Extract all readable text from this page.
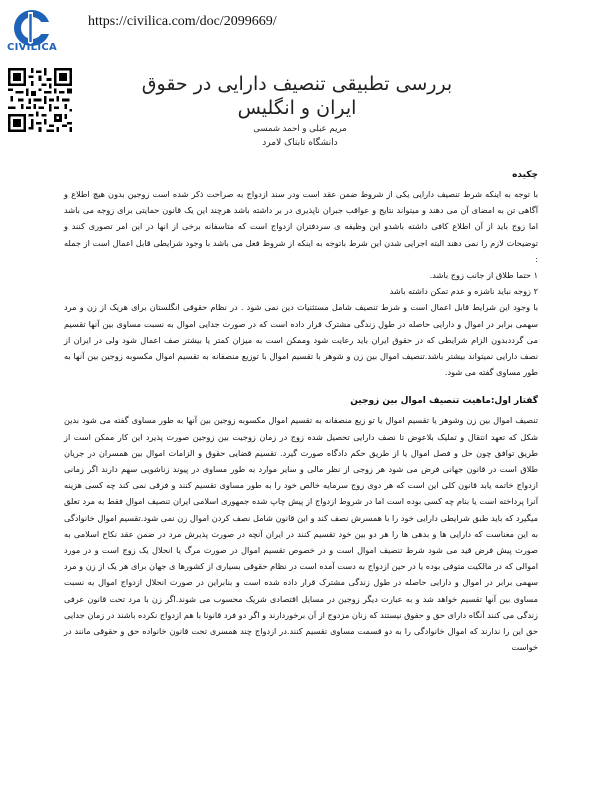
CIVILICA
https://civilica.com/doc/2099669/
بررسی تطبیقی تنصیف دارایی در حقوق
ایران و انگلیس
مریم عبلی و احمد شمسی
دانشگاه تابناک لامرد
چکیده

با توجه به اینکه شرط تنصیف دارایی یکی از شروط ضمن عقد است ودر سند ازدواج به صراحت ذکر شده است زوجین بدون هیچ اطلاع و آگاهی تن به امضای آن می دهند و میتواند نتایج و عواقب جبران ناپذیری در بر داشته باشد هرچند این یک قانون حمایتی برای زوجه می باشد اما زوج باید از آن اطلاع کافی داشته باشدو این وظیفه ی سردفتران ازدواج است که متاسفانه برخی از انها در این امر تصوری کنند و توضیحات لازم را نمی دهند البته اجرایی شدن این شرط باتوجه به اینکه از شروط فعل می باشد با وجود شرایطی قابل اعمال است از جمله :

۱ حتما طلاق از جانب زوج باشد.

۲ زوجه نباید ناشزه و عدم تمکن داشته باشد

با وجود این شرایط قابل اعمال است و شرط تنصیف شامل مستثنیات دین نمی شود . در نظام حقوقی انگلستان برای هریک از زن و مرد سهمی برابر در اموال و دارایی حاصله در طول زندگی مشترک قرار داده است که در صورت جدایی اموال به نسبت مساوی بین آنها تقسیم می گرددبدون الزام شرایطی که در حقوق ایران باید رعایت شود وممکن است به میزان کمتر یا بیشتر صف اعمال شود ولی در ایران از نصف دارایی نمیتواند بیشتر باشد.تنصیف اموال بین زن و شوهر با تقسیم اموال با توزیع منصفانه به تقسیم اموال مکسوبه زوجین بین آنها به طور مساوی گفته می شود.

گفتار اول:ماهیت تنصیف اموال بین زوجین

تنصیف اموال بین زن وشوهر یا تقسیم اموال یا تو زیع منصفانه به تقسیم اموال مکسوبه زوجین بین آنها به طور مساوی گفته می شود بدین شکل که تعهد انتقال و تملیک بلاعوض تا نصف دارایی تحصیل شده زوج در زمان زوجیت بین زوجین صورت پذیرد این کار ممکن است از طریق توافق چون حل و فصل اموال یا از طریق حکم دادگاه صورت گیرد. تقسیم قضایی حقوق و الزامات اموال بین همسران در جریان طلاق است در قانون جهانی فرض می شود هر زوجی از نظر مالی و سایر موارد به طور مساوی در پیوند زناشویی سهم دارند اگر زمانی ازدواج خاتمه یابد قانون کلی این است که هر دوی زوج سرمایه خالص خود را به طور مساوی تقسیم کنند و فرقی نمی کند چه کسی هزینه آنرا پرداخته است یا بنام چه کسی بوده است اما در شروط ازدواج از پیش چاپ شده جمهوری اسلامی ایران تنصیف اموال فقط به مرد تعلق میگیرد که باید طبق شرایطی دارایی خود را با همسرش نصف کند و این قانون شامل نصف کردن اموال زن نمی شود.تقسیم اموال خانوادگی به این معناست که دارایی ها و بدهی ها را هر دو بین خود تقسیم کنند در ایران آنچه در صورت پذیرش مرد در ضمن عقد نکاح اسلامی به صورت پیش فرض قید می شود شرط تنصیف اموال است و در خصوص تقسیم اموال در صورت مرگ یا انحلال یک زوج است و در مورد اموالی که در مالکیت متوفی بوده یا در حین ازدواج به دست آمده است در نظام حقوقی بسیاری از کشورها ی جهان برای هر یک از زن و مرد سهمی برابر در اموال و دارایی حاصله در طول زندگی مشترک قرار داده شده است و بنابراین در صورت انحلال ازدواج اموال به نسبت مساوی بین آنها تقسیم خواهد شد و به عبارت دیگر زوجین در مسایل اقتصادی شریک محسوب می شوند.اگر زن با مرد تحت قانون عرفی زندگی می کنند آنگاه دارای حق و حقوق نیستند که زنان مزدوج از آن برخوردارند و اگر دو فرد قانونا با هم ازدواج نکرده باشند در زمان جدایی حق این را ندارند که اموال خانوادگی را به دو قسمت مساوی تقسیم کنند.در ازدواج چند همسری تحت قانون خانواده حق و حقوقی مانند در خواست
